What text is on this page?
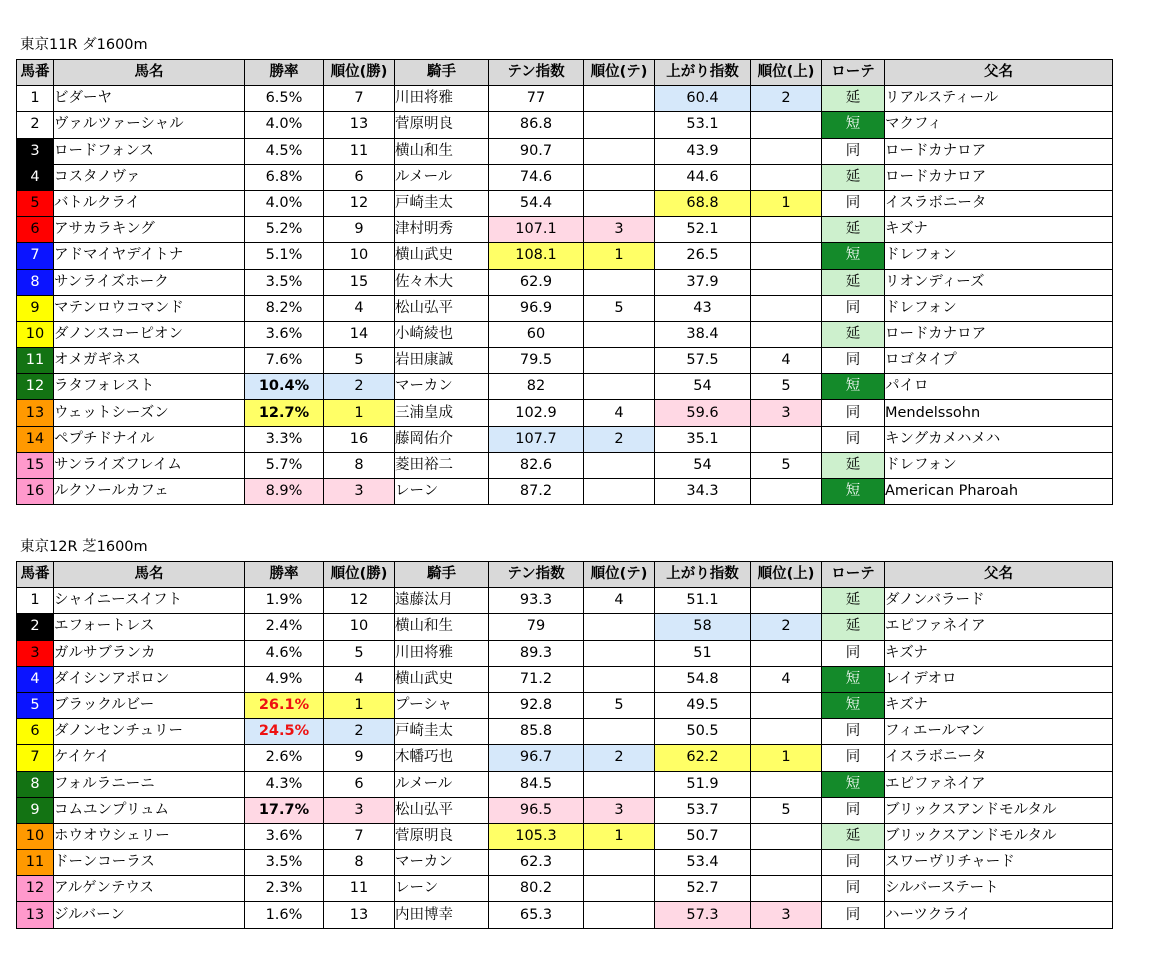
東京11R ダ1600m
馬番	馬名	勝率	順位(勝)	騎手	テン指数	順位(テ)	上がり指数	順位(上)	ローテ	父名
1	ビダーヤ	6.5%	7	川田将雅	77		60.4	2	延	リアルスティール
2	ヴァルツァーシャル	4.0%	13	菅原明良	86.8		53.1		短	マクフィ
3	ロードフォンス	4.5%	11	横山和生	90.7		43.9		同	ロードカナロア
4	コスタノヴァ	6.8%	6	ルメール	74.6		44.6		延	ロードカナロア
5	バトルクライ	4.0%	12	戸崎圭太	54.4		68.8	1	同	イスラボニータ
6	アサカラキング	5.2%	9	津村明秀	107.1	3	52.1		延	キズナ
7	アドマイヤデイトナ	5.1%	10	横山武史	108.1	1	26.5		短	ドレフォン
8	サンライズホーク	3.5%	15	佐々木大	62.9		37.9		延	リオンディーズ
9	マテンロウコマンド	8.2%	4	松山弘平	96.9	5	43		同	ドレフォン
10	ダノンスコーピオン	3.6%	14	小崎綾也	60		38.4		延	ロードカナロア
11	オメガギネス	7.6%	5	岩田康誠	79.5		57.5	4	同	ロゴタイプ
12	ラタフォレスト	10.4%	2	マーカン	82		54	5	短	パイロ
13	ウェットシーズン	12.7%	1	三浦皇成	102.9	4	59.6	3	同	Mendelssohn
14	ペプチドナイル	3.3%	16	藤岡佑介	107.7	2	35.1		同	キングカメハメハ
15	サンライズフレイム	5.7%	8	菱田裕二	82.6		54	5	延	ドレフォン
16	ルクソールカフェ	8.9%	3	レーン	87.2		34.3		短	American Pharoah
東京12R 芝1600m
馬番	馬名	勝率	順位(勝)	騎手	テン指数	順位(テ)	上がり指数	順位(上)	ローテ	父名
1	シャイニースイフト	1.9%	12	遠藤汰月	93.3	4	51.1		延	ダノンバラード
2	エフォートレス	2.4%	10	横山和生	79		58	2	延	エピファネイア
3	ガルサブランカ	4.6%	5	川田将雅	89.3		51		同	キズナ
4	ダイシンアポロン	4.9%	4	横山武史	71.2		54.8	4	短	レイデオロ
5	ブラックルビー	26.1%	1	プーシャ	92.8	5	49.5		短	キズナ
6	ダノンセンチュリー	24.5%	2	戸崎圭太	85.8		50.5		同	フィエールマン
7	ケイケイ	2.6%	9	木幡巧也	96.7	2	62.2	1	同	イスラボニータ
8	フォルラニーニ	4.3%	6	ルメール	84.5		51.9		短	エピファネイア
9	コムユンプリュム	17.7%	3	松山弘平	96.5	3	53.7	5	同	ブリックスアンドモルタル
10	ホウオウシェリー	3.6%	7	菅原明良	105.3	1	50.7		延	ブリックスアンドモルタル
11	ドーンコーラス	3.5%	8	マーカン	62.3		53.4		同	スワーヴリチャード
12	アルゲンテウス	2.3%	11	レーン	80.2		52.7		同	シルバーステート
13	ジルバーン	1.6%	13	内田博幸	65.3		57.3	3	同	ハーツクライ
